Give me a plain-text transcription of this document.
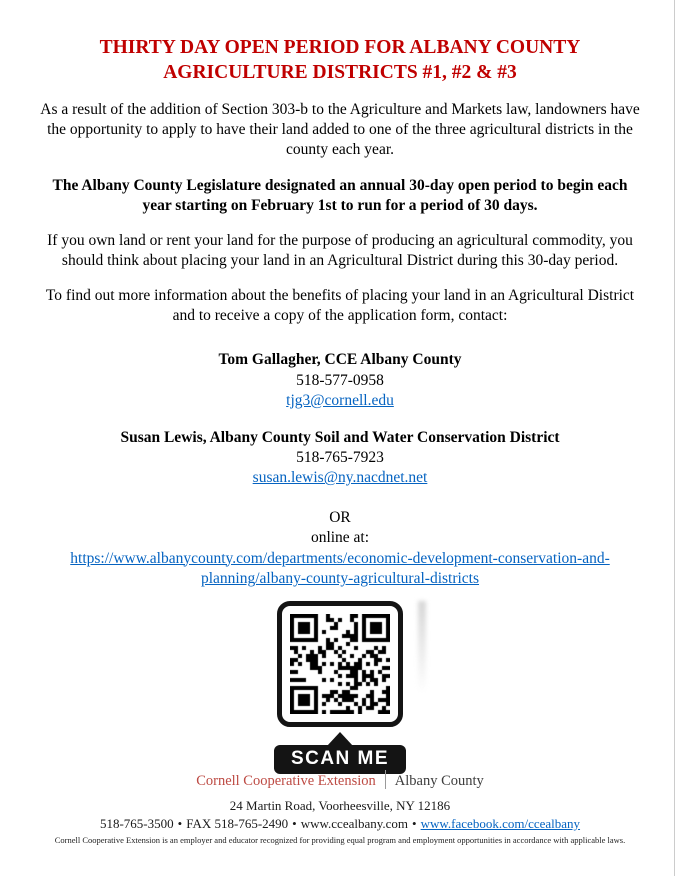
THIRTY DAY OPEN PERIOD FOR ALBANY COUNTY
AGRICULTURE DISTRICTS #1, #2 & #3

As a result of the addition of Section 303-b to the Agriculture and Markets law, landowners have the opportunity to apply to have their land added to one of the three agricultural districts in the county each year.

The Albany County Legislature designated an annual 30-day open period to begin each year starting on February 1st to run for a period of 30 days.

If you own land or rent your land for the purpose of producing an agricultural commodity, you should think about placing your land in an Agricultural District during this 30-day period.

To find out more information about the benefits of placing your land in an Agricultural District and to receive a copy of the application form, contact:

Tom Gallagher, CCE Albany County
518-577-0958
tjg3@cornell.edu
Susan Lewis, Albany County Soil and Water Conservation District
518-765-7923
susan.lewis@ny.nacdnet.net
OR
online at:
https://www.albanycounty.com/departments/economic-development-conservation-and-planning/albany-county-agricultural-districts
SCAN ME
Cornell Cooperative Extension Albany County
24 Martin Road, Voorheesville, NY 12186
518-765-3500 • FAX 518-765-2490 • www.ccealbany.com • www.facebook.com/ccealbany
Cornell Cooperative Extension is an employer and educator recognized for providing equal program and employment opportunities in accordance with applicable laws.
